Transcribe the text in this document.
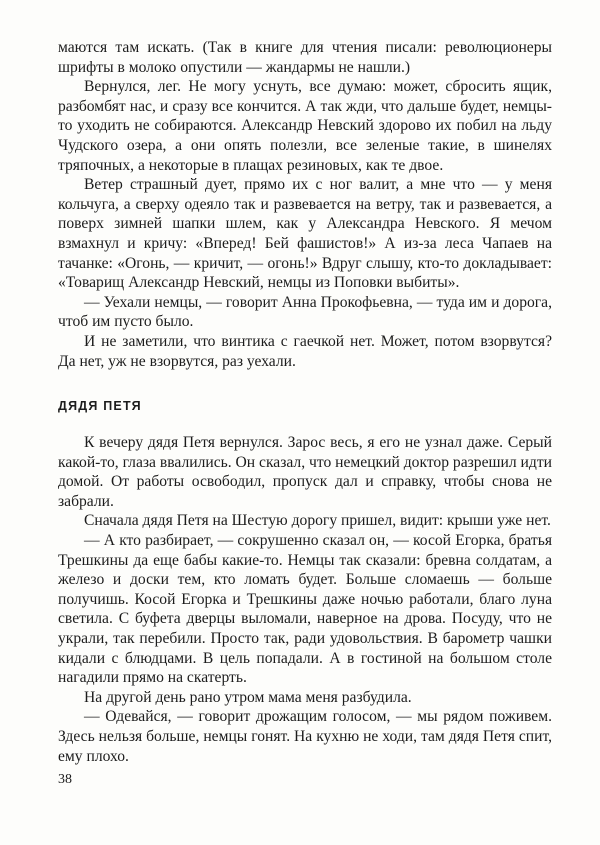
маются там искать. (Так в книге для чтения писали: революционеры шрифты в молоко опустили — жандармы не нашли.)

Вернулся, лег. Не могу уснуть, все думаю: может, сбросить ящик, разбомбят нас, и сразу все кончится. А так жди, что дальше будет, немцы-то уходить не собираются. Александр Невский здорово их побил на льду Чудского озера, а они опять полезли, все зеленые такие, в шинелях тряпочных, а некоторые в плащах резиновых, как те двое.

Ветер страшный дует, прямо их с ног валит, а мне что — у меня кольчуга, а сверху одеяло так и развевается на ветру, так и развевается, а поверх зимней шапки шлем, как у Александра Невского. Я мечом взмахнул и кричу: «Вперед! Бей фашистов!» А из-за леса Чапаев на тачанке: «Огонь, — кричит, — огонь!» Вдруг слышу, кто-то докладывает: «Товарищ Александр Невский, немцы из Поповки выбиты».

— Уехали немцы, — говорит Анна Прокофьевна, — туда им и дорога, чтоб им пусто было.

И не заметили, что винтика с гаечкой нет. Может, потом взорвутся? Да нет, уж не взорвутся, раз уехали.

ДЯДЯ ПЕТЯ

К вечеру дядя Петя вернулся. Зарос весь, я его не узнал даже. Серый какой-то, глаза ввалились. Он сказал, что немецкий доктор разрешил идти домой. От работы освободил, пропуск дал и справку, чтобы снова не забрали.

Сначала дядя Петя на Шестую дорогу пришел, видит: крыши уже нет.

— А кто разбирает, — сокрушенно сказал он, — косой Егорка, братья Трешкины да еще бабы какие-то. Немцы так сказали: бревна солдатам, а железо и доски тем, кто ломать будет. Больше сломаешь — больше получишь. Косой Егорка и Трешкины даже ночью работали, благо луна светила. С буфета дверцы выломали, наверное на дрова. Посуду, что не украли, так перебили. Просто так, ради удовольствия. В барометр чашки кидали с блюдцами. В цель попадали. А в гостиной на большом столе нагадили прямо на скатерть.

На другой день рано утром мама меня разбудила.

— Одевайся, — говорит дрожащим голосом, — мы рядом поживем. Здесь нельзя больше, немцы гонят. На кухню не ходи, там дядя Петя спит, ему плохо.

38
